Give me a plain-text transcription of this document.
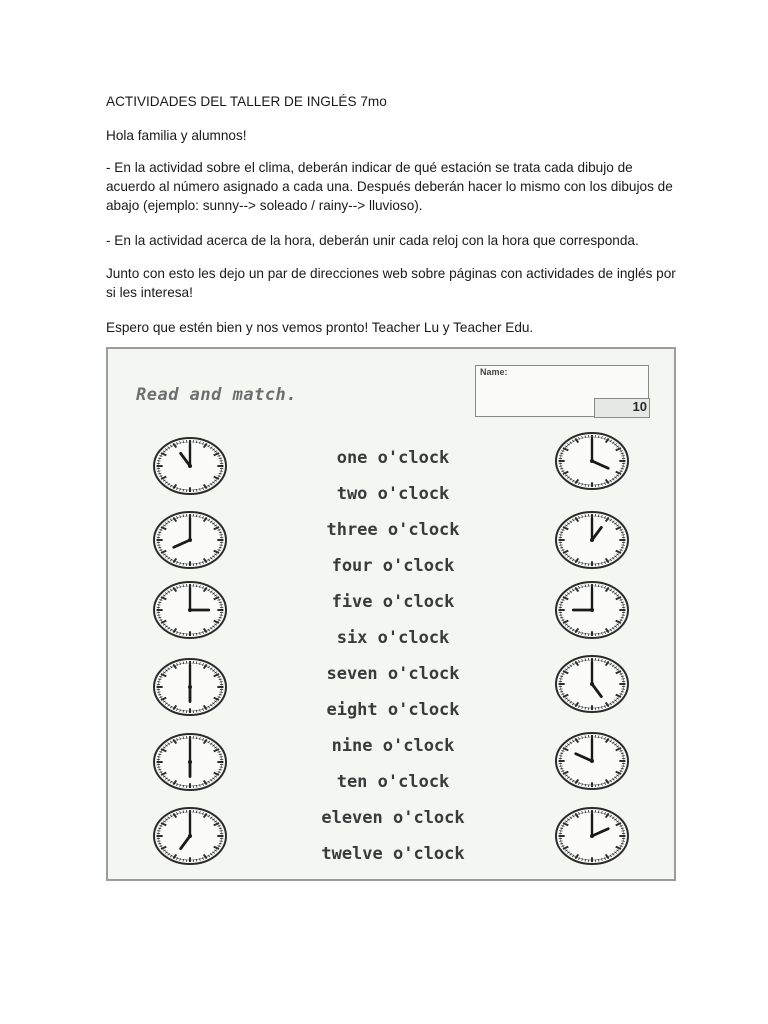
ACTIVIDADES DEL TALLER DE INGLÉS 7mo

Hola familia y alumnos!

- En la actividad sobre el clima, deberán indicar de qué estación se trata cada dibujo de acuerdo al número asignado a cada una. Después deberán hacer lo mismo con los dibujos de abajo (ejemplo: sunny--> soleado / rainy--> lluvioso).

- En la actividad acerca de la hora, deberán unir cada reloj con la hora que corresponda.

Junto con esto les dejo un par de direcciones web sobre páginas con actividades de inglés por si les interesa!

Espero que estén bien y nos vemos pronto! Teacher Lu y Teacher Edu.

Read and match.
Name:
10
one o'clock
two o'clock
three o'clock
four o'clock
five o'clock
six o'clock
seven o'clock
eight o'clock
nine o'clock
ten o'clock
eleven o'clock
twelve o'clock
